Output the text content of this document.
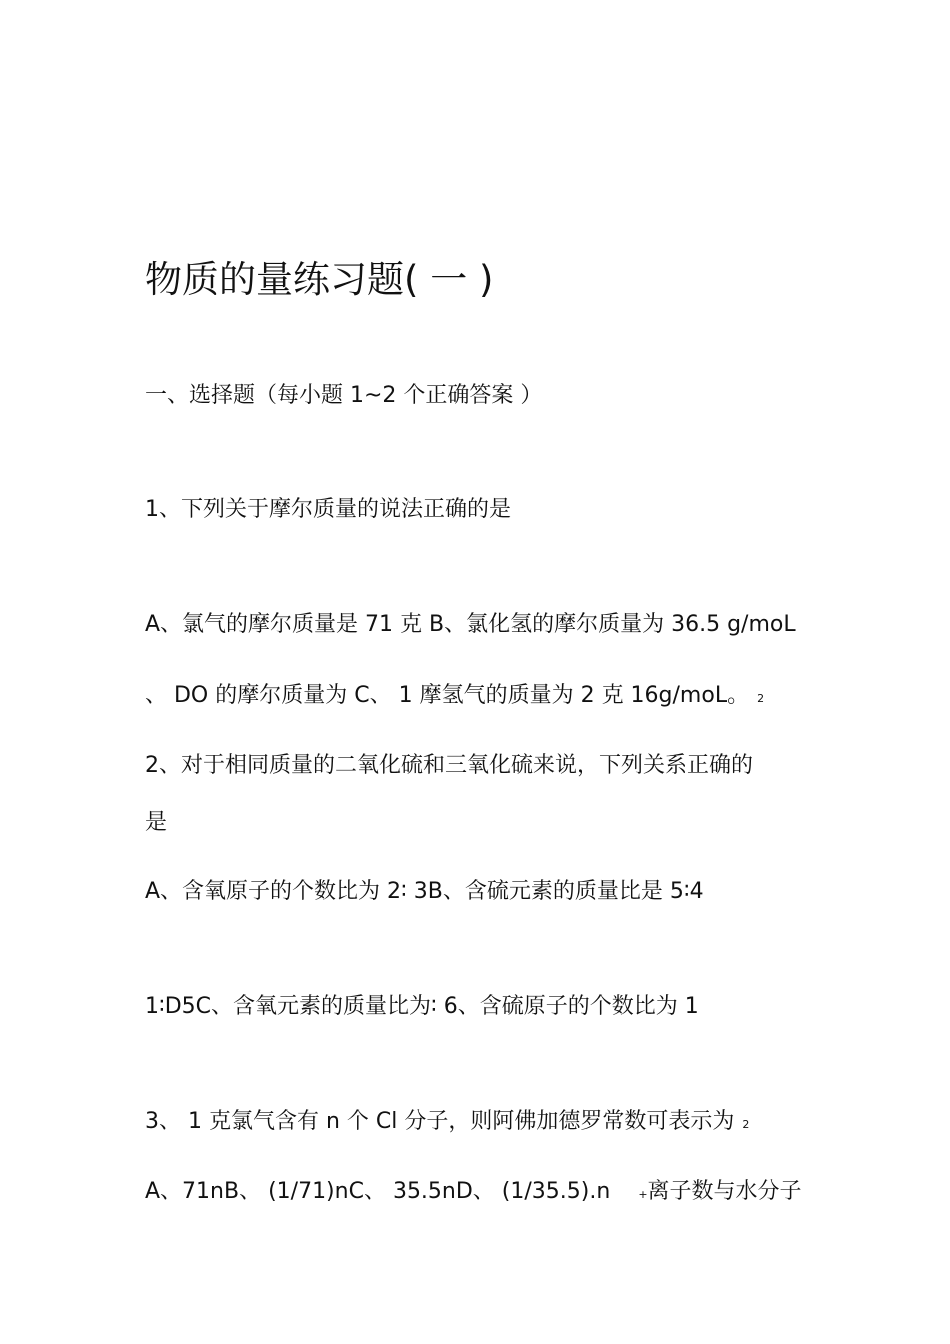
物质的量练习题( 一 )
一、选择题（每小题 1~2 个正确答案 ）
1、下列关于摩尔质量的说法正确的是
A、氯气的摩尔质量是 71 克 B、氯化氢的摩尔质量为 36.5 g/moL
、 DO 的摩尔质量为 C、 1 摩氢气的质量为 2 克 16g/moL。 2
2、对于相同质量的二氧化硫和三氧化硫来说，下列关系正确的
是
A、含氧原子的个数比为 2∶ 3B、含硫元素的质量比是 5∶4
1∶D5C、含氧元素的质量比为∶ 6、含硫原子的个数比为 1
3、 1 克氯气含有 n 个 Cl 分子，则阿佛加德罗常数可表示为 2
A、71nB、 (1/71)nC、 35.5nD、 (1/35.5).n	+离子数与水分子
